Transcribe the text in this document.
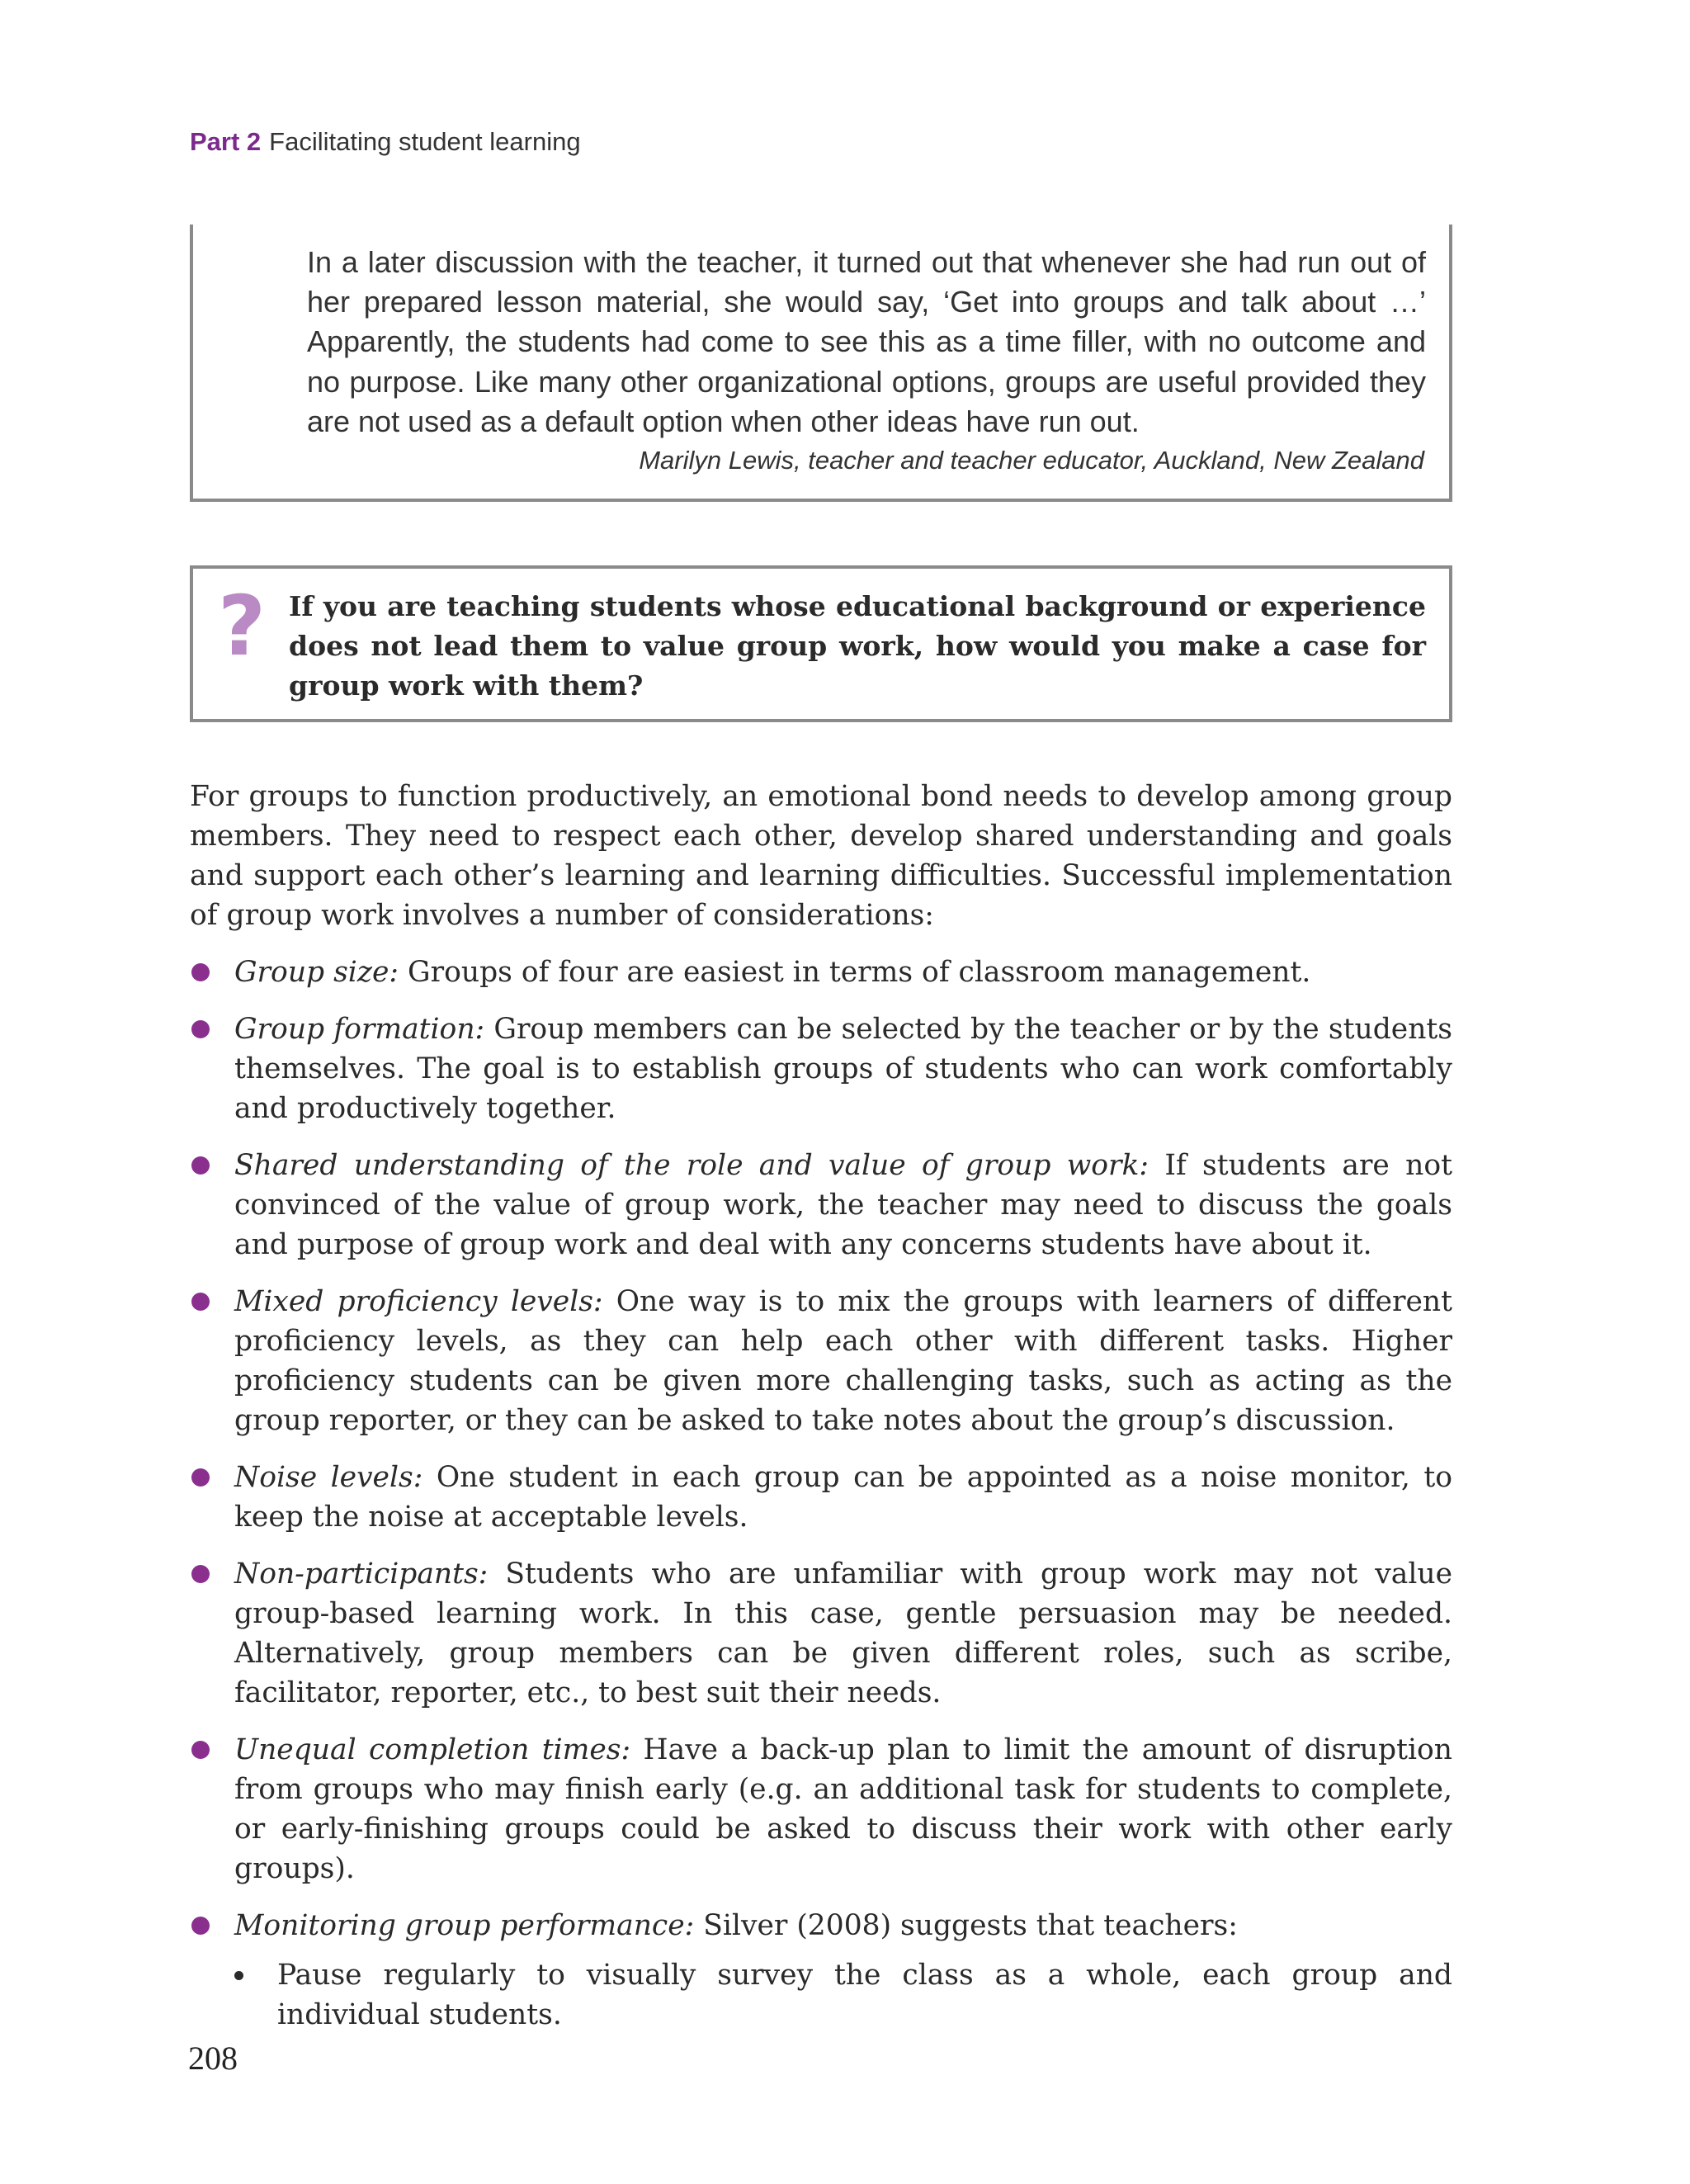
Part 2 Facilitating student learning
In a later discussion with the teacher, it turned out that whenever she had run out of her prepared lesson material, she would say, ‘Get into groups and talk about …’ Apparently, the students had come to see this as a time filler, with no outcome and no purpose. Like many other organizational options, groups are useful provided they are not used as a default option when other ideas have run out.
Marilyn Lewis, teacher and teacher educator, Auckland, New Zealand
? If you are teaching students whose educational background or experience does not lead them to value group work, how would you make a case for group work with them?
For groups to function productively, an emotional bond needs to develop among group members. They need to respect each other, develop shared understanding and goals and support each other’s learning and learning difficulties. Successful implementation of group work involves a number of considerations:
Group size: Groups of four are easiest in terms of classroom management.
Group formation: Group members can be selected by the teacher or by the students themselves. The goal is to establish groups of students who can work comfortably and productively together.
Shared understanding of the role and value of group work: If students are not convinced of the value of group work, the teacher may need to discuss the goals and purpose of group work and deal with any concerns students have about it.
Mixed proficiency levels: One way is to mix the groups with learners of different proficiency levels, as they can help each other with different tasks. Higher proficiency students can be given more challenging tasks, such as acting as the group reporter, or they can be asked to take notes about the group’s discussion.
Noise levels: One student in each group can be appointed as a noise monitor, to keep the noise at acceptable levels.
Non-participants: Students who are unfamiliar with group work may not value group-based learning work. In this case, gentle persuasion may be needed. Alternatively, group members can be given different roles, such as scribe, facilitator, reporter, etc., to best suit their needs.
Unequal completion times: Have a back-up plan to limit the amount of disruption from groups who may finish early (e.g. an additional task for students to complete, or early-finishing groups could be asked to discuss their work with other early groups).
Monitoring group performance: Silver (2008) suggests that teachers:
Pause regularly to visually survey the class as a whole, each group and individual students.
208
